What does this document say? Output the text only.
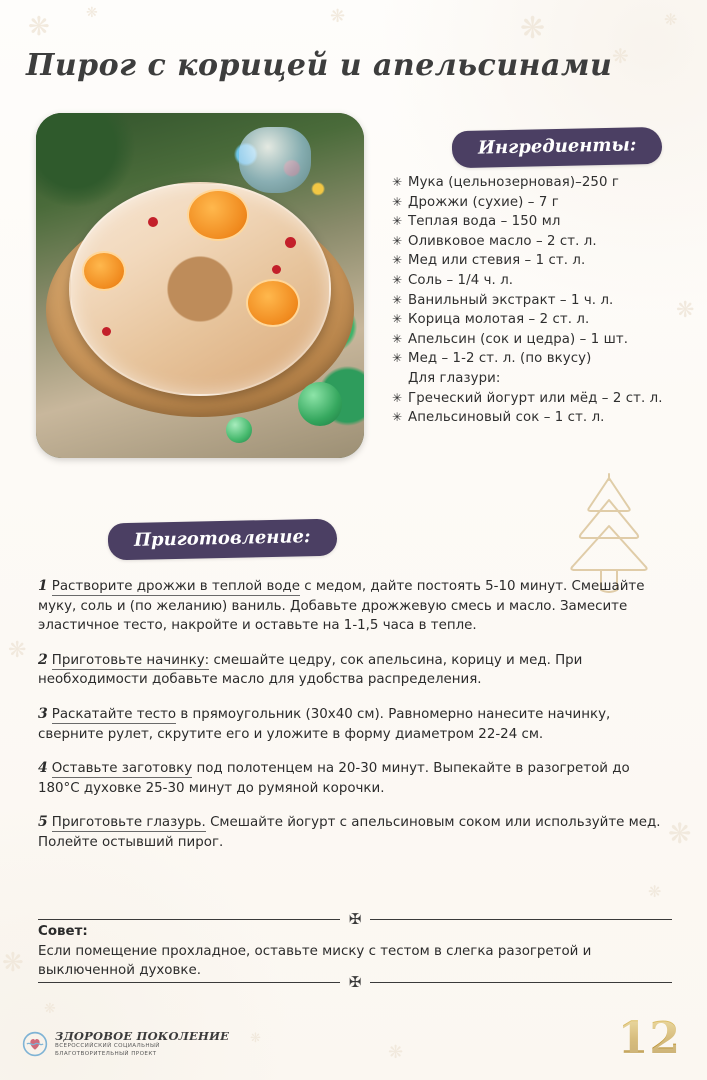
❋	❋	❋	❋
❋
❋
❋
❋
❋
❋
❋
❋
❋
❋
Пирог с корицей и апельсинами
Ингредиенты:
✳ Мука (цельнозерновая)–250 г
✳ Дрожжи (сухие) – 7 г
✳ Теплая вода – 150 мл
✳ Оливковое масло – 2 ст. л.
✳ Мед или стевия – 1 ст. л.
✳ Соль – 1/4 ч. л.
✳ Ванильный экстракт – 1 ч. л.
✳ Корица молотая – 2 ст. л.
✳ Апельсин (сок и цедра) – 1 шт.
✳ Мед – 1-2 ст. л. (по вкусу)
Для глазури:
✳ Греческий йогурт или мёд – 2 ст. л.
✳ Апельсиновый сок – 1 ст. л.
Приготовление:
1 Растворите дрожжи в теплой воде с медом, дайте постоять 5-10 минут. Смешайте муку, соль и (по желанию) ваниль. Добавьте дрожжевую смесь и масло. Замесите эластичное тесто, накройте и оставьте на 1-1,5 часа в тепле.
2 Приготовьте начинку: смешайте цедру, сок апельсина, корицу и мед. При необходимости добавьте масло для удобства распределения.
3 Раскатайте тесто в прямоугольник (30х40 см). Равномерно нанесите начинку, сверните рулет, скрутите его и уложите в форму диаметром 22-24 см.
4 Оставьте заготовку под полотенцем на 20-30 минут. Выпекайте в разогретой до 180°С духовке 25-30 минут до румяной корочки.
5 Приготовьте глазурь. Смешайте йогурт с апельсиновым соком или используйте мед. Полейте остывший пирог.
✠
Совет:
Если помещение прохладное, оставьте миску с тестом в слегка разогретой и выключенной духовке.
✠
ЗДОРОВОЕ ПОКОЛЕНИЕ
ВСЕРОССИЙСКИЙ СОЦИАЛЬНЫЙ
БЛАГОТВОРИТЕЛЬНЫЙ ПРОЕКТ	12
